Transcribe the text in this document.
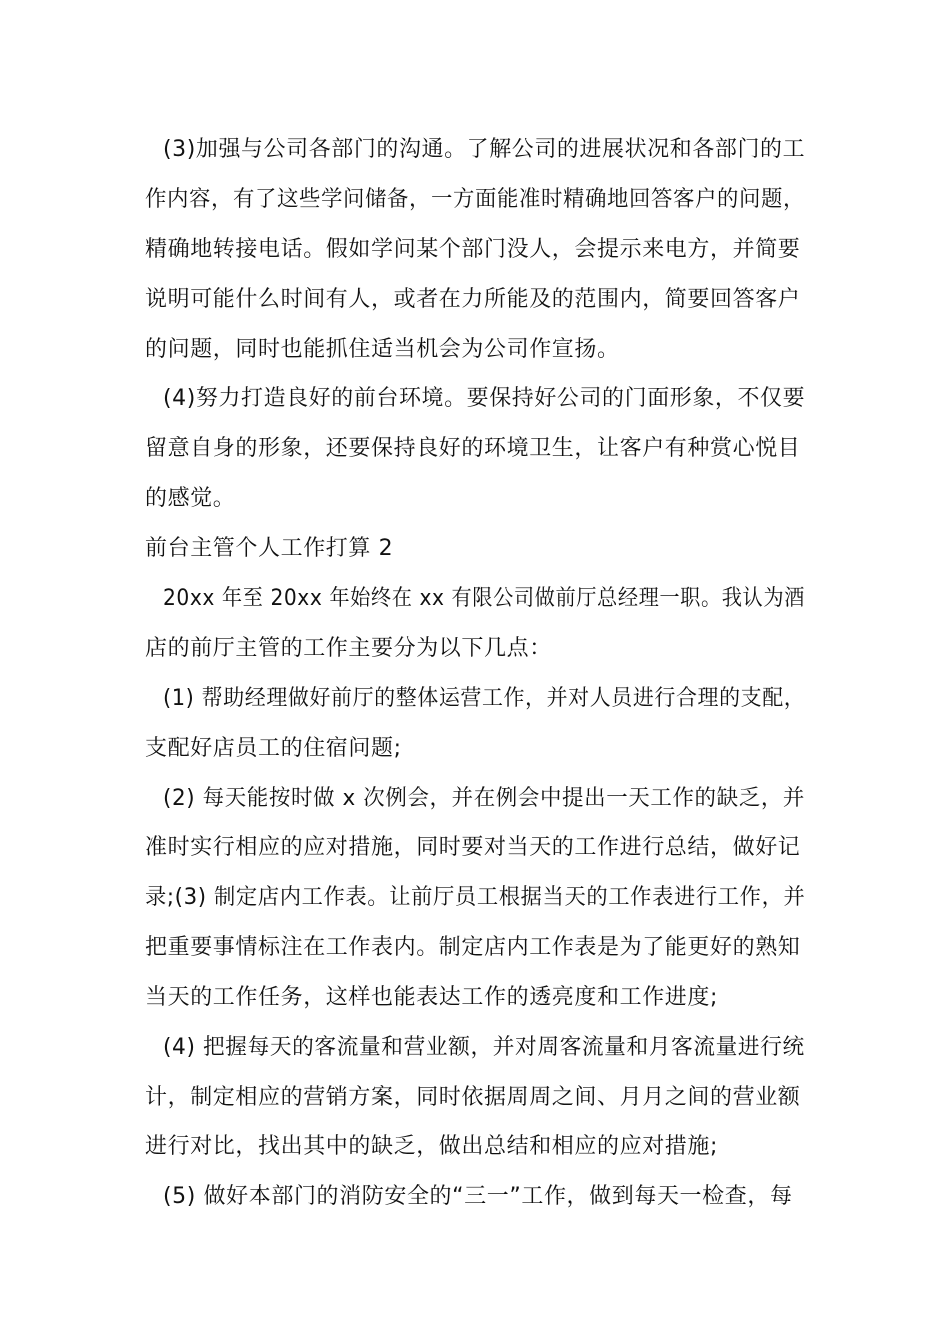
(3)加强与公司各部门的沟通。了解公司的进展状况和各部门的工
作内容，有了这些学问储备，一方面能准时精确地回答客户的问题，
精确地转接电话。假如学问某个部门没人，会提示来电方，并简要
说明可能什么时间有人，或者在力所能及的范围内，简要回答客户
的问题，同时也能抓住适当机会为公司作宣扬。
(4)努力打造良好的前台环境。要保持好公司的门面形象，不仅要
留意自身的形象，还要保持良好的环境卫生，让客户有种赏心悦目
的感觉。
前台主管个人工作打算 2
20xx 年至 20xx 年始终在 xx 有限公司做前厅总经理一职。我认为酒
店的前厅主管的工作主要分为以下几点：
(1) 帮助经理做好前厅的整体运营工作，并对人员进行合理的支配，
支配好店员工的住宿问题;
(2) 每天能按时做 x 次例会，并在例会中提出一天工作的缺乏，并
准时实行相应的应对措施，同时要对当天的工作进行总结，做好记
录;(3) 制定店内工作表。让前厅员工根据当天的工作表进行工作，并
把重要事情标注在工作表内。制定店内工作表是为了能更好的熟知
当天的工作任务，这样也能表达工作的透亮度和工作进度;
(4) 把握每天的客流量和营业额，并对周客流量和月客流量进行统
计，制定相应的营销方案，同时依据周周之间、月月之间的营业额
进行对比，找出其中的缺乏，做出总结和相应的应对措施;
(5) 做好本部门的消防安全的“三一”工作，做到每天一检查，每
